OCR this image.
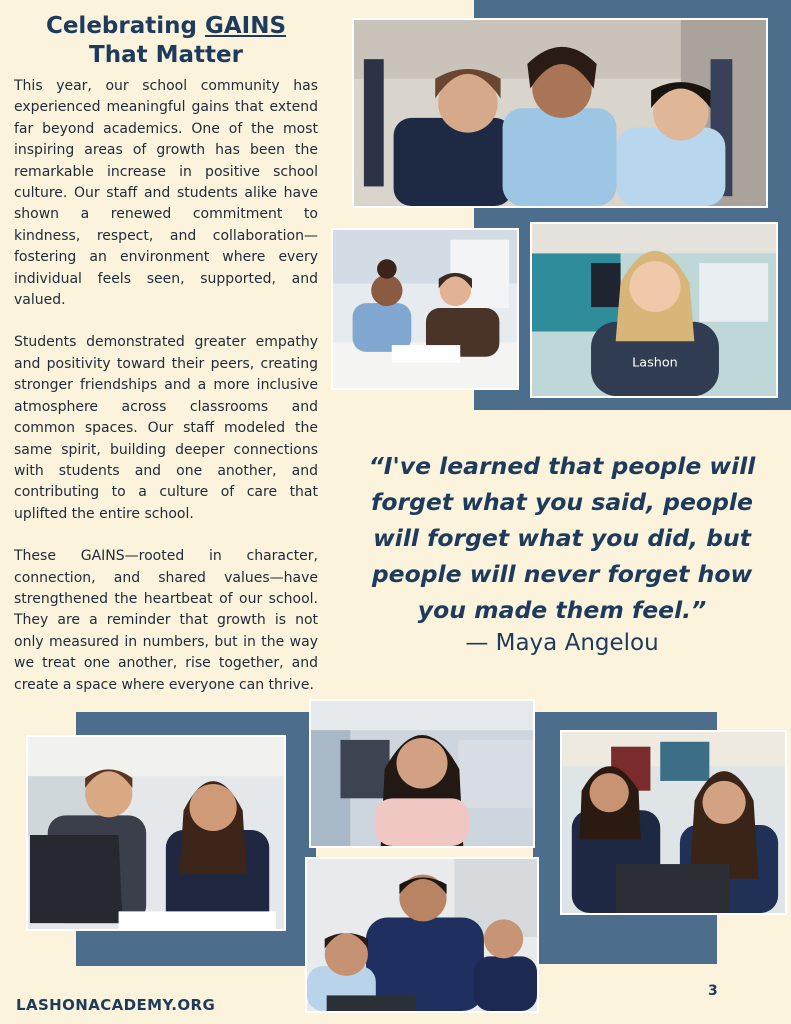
Celebrating GAINS That Matter

This year, our school community has experienced meaningful gains that extend far beyond academics. One of the most inspiring areas of growth has been the remarkable increase in positive school culture. Our staff and students alike have shown a renewed commitment to kindness, respect, and collaboration—fostering an environment where every individual feels seen, supported, and valued.

Students demonstrated greater empathy and positivity toward their peers, creating stronger friendships and a more inclusive atmosphere across classrooms and common spaces. Our staff modeled the same spirit, building deeper connections with students and one another, and contributing to a culture of care that uplifted the entire school.

These GAINS—rooted in character, connection, and shared values—have strengthened the heartbeat of our school. They are a reminder that growth is not only measured in numbers, but in the way we treat one another, rise together, and create a space where everyone can thrive.

Lashon
“I've learned that people will forget what you said, people will forget what you did, but people will never forget how you made them feel.”
— Maya Angelou
LASHONACADEMY.ORG
3
